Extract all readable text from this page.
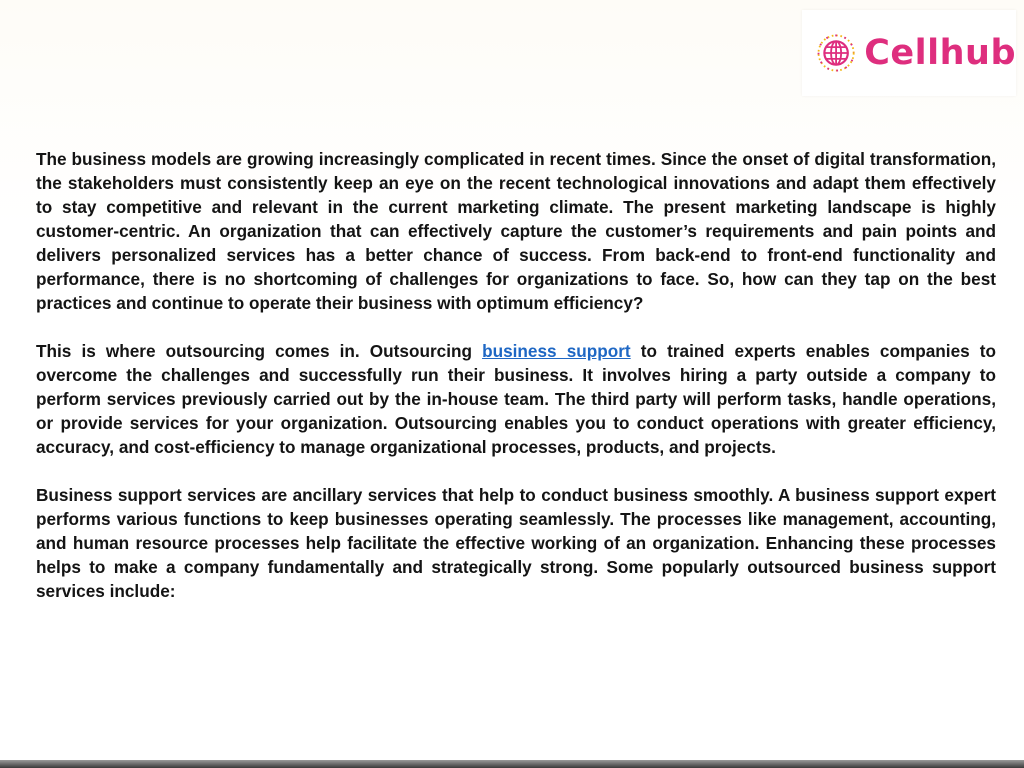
Cellhub

The business models are growing increasingly complicated in recent times. Since the onset of digital transformation, the stakeholders must consistently keep an eye on the recent technological innovations and adapt them effectively to stay competitive and relevant in the current marketing climate. The present marketing landscape is highly customer-centric. An organization that can effectively capture the customer’s requirements and pain points and delivers personalized services has a better chance of success. From back-end to front-end functionality and performance, there is no shortcoming of challenges for organizations to face. So, how can they tap on the best practices and continue to operate their business with optimum efficiency?

This is where outsourcing comes in. Outsourcing business support to trained experts enables companies to overcome the challenges and successfully run their business. It involves hiring a party outside a company to perform services previously carried out by the in-house team. The third party will perform tasks, handle operations, or provide services for your organization. Outsourcing enables you to conduct operations with greater efficiency, accuracy, and cost-efficiency to manage organizational processes, products, and projects.

Business support services are ancillary services that help to conduct business smoothly. A business support expert performs various functions to keep businesses operating seamlessly. The processes like management, accounting, and human resource processes help facilitate the effective working of an organization. Enhancing these processes helps to make a company fundamentally and strategically strong. Some popularly outsourced business support services include:
